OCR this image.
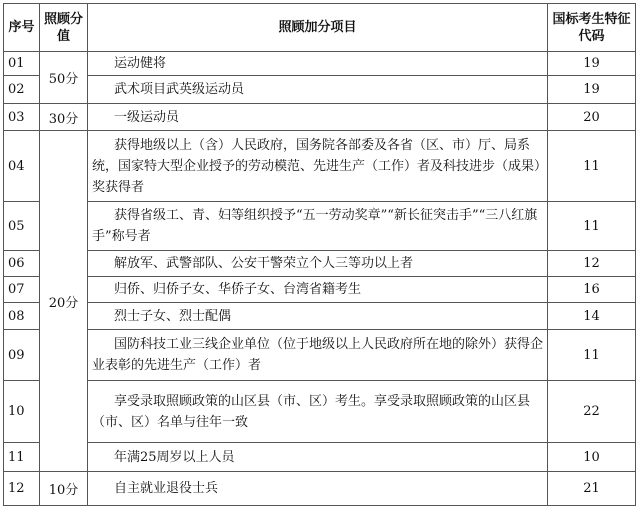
序号	照顾分值	照顾加分项目	国标考生特征代码
01	50分	运动健将	19
02		武术项目武英级运动员	19
03	30分	一级运动员	20
04	20分	获得地级以上（含）人民政府，国务院各部委及各省（区、市）厅、局系统，国家特大型企业授予的劳动模范、先进生产（工作）者及科技进步（成果）奖获得者	11
05		获得省级工、青、妇等组织授予“五一劳动奖章”“新长征突击手”“三八红旗手”称号者	11
06		解放军、武警部队、公安干警荣立个人三等功以上者	12
07		归侨、归侨子女、华侨子女、台湾省籍考生	16
08		烈士子女、烈士配偶	14
09		国防科技工业三线企业单位（位于地级以上人民政府所在地的除外）获得企业表彰的先进生产（工作）者	11
10		享受录取照顾政策的山区县（市、区）考生。享受录取照顾政策的山区县（市、区）名单与往年一致	22
11		年满25周岁以上人员	10
12	10分	自主就业退役士兵	21
